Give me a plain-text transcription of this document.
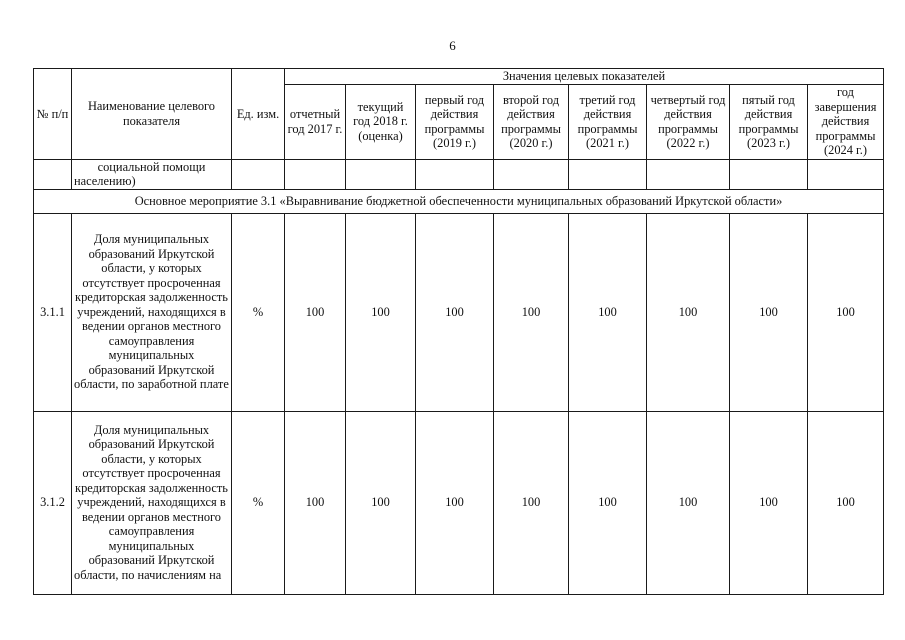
6
№ п/п	Наименование целевого показателя	Ед. изм.	Значения целевых показателей							
			отчетный год 2017 г.	текущий год 2018 г. (оценка)	первый год действия программы (2019 г.)	второй год действия программы (2020 г.)	третий год действия программы (2021 г.)	четвертый год действия программы (2022 г.)	пятый год действия программы (2023 г.)	год завершения действия программы (2024 г.)
	социальной помощи населению)									
Основное мероприятие 3.1 «Выравнивание бюджетной обеспеченности муниципальных образований Иркутской области»										
3.1.1	Доля муниципальных образований Иркутской области, у которых отсутствует просроченная кредиторская задолженность учреждений, находящихся в ведении органов местного самоуправления муниципальных образований Иркутской области, по заработной плате	%	100	100	100	100	100	100	100	100
3.1.2	Доля муниципальных образований Иркутской области, у которых отсутствует просроченная кредиторская задолженность учреждений, находящихся в ведении органов местного самоуправления муниципальных образований Иркутской области, по начислениям на	%	100	100	100	100	100	100	100	100
